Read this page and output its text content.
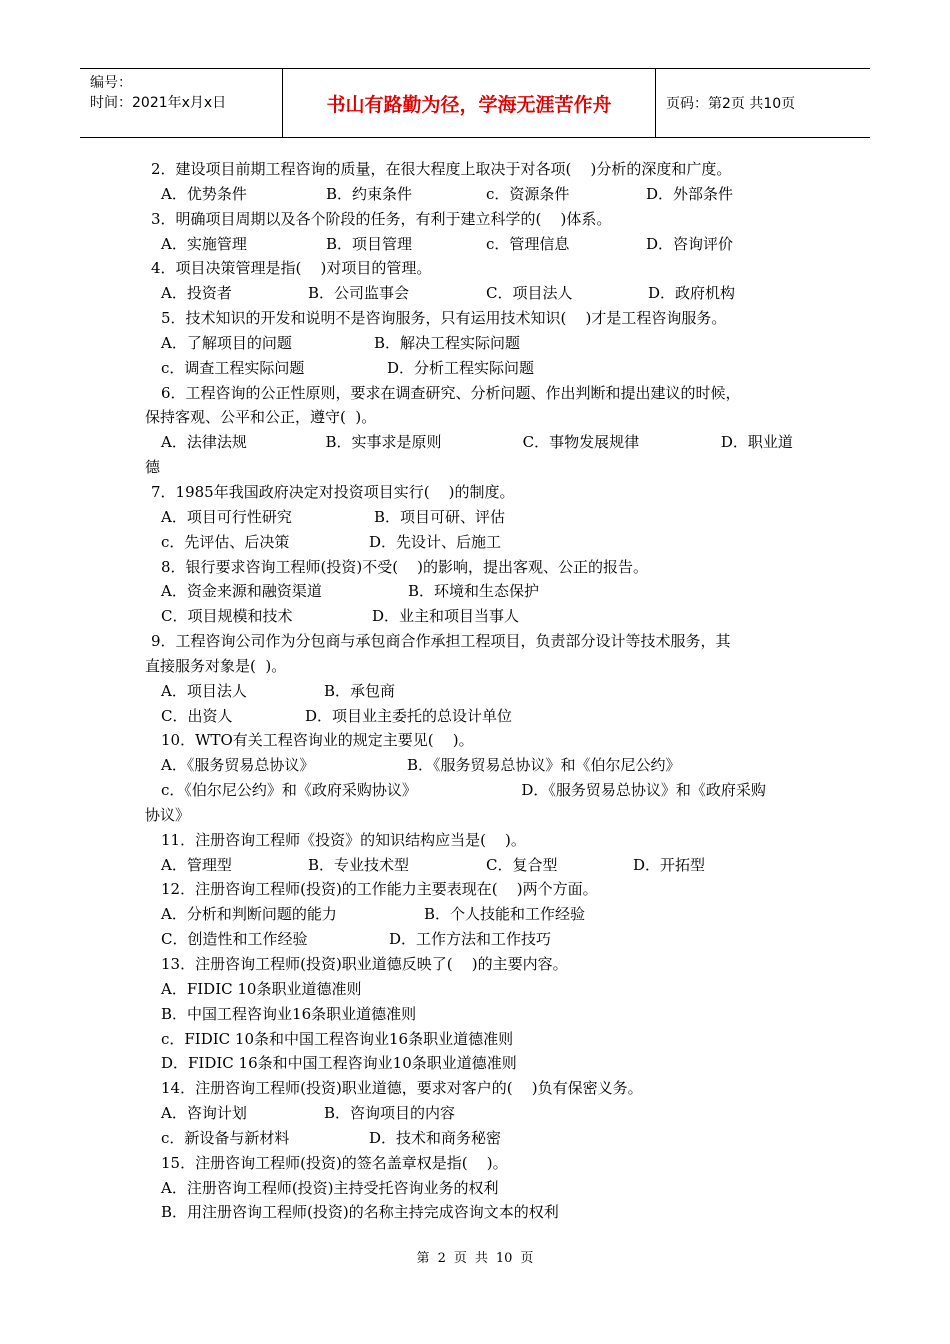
编号：
时间：2021年x月x日	书山有路勤为径，学海无涯苦作舟	页码：第2页 共10页
2．建设项目前期工程咨询的质量，在很大程度上取决于对各项(    )分析的深度和广度。
A．优势条件	B．约束条件	c．资源条件	D．外部条件
3．明确项目周期以及各个阶段的任务，有利于建立科学的(    )体系。
A．实施管理	B．项目管理	c．管理信息	D．咨询评价
4．项目决策管理是指(    )对项目的管理。
A．投资者	B．公司监事会	C．项目法人	D．政府机构
5．技术知识的开发和说明不是咨询服务，只有运用技术知识(    )才是工程咨询服务。
A．了解项目的问题	B．解决工程实际问题
c．调查工程实际问题	D．分析工程实际问题
6．工程咨询的公正性原则，要求在调查研究、分析问题、作出判断和提出建议的时候，
保持客观、公平和公正，遵守(  )。
A．法律法规	B．实事求是原则	C．事物发展规律	D．职业道
德
7．1985年我国政府决定对投资项目实行(    )的制度。
A．项目可行性研究	B．项目可研、评估
c．先评估、后决策	D．先设计、后施工
8．银行要求咨询工程师(投资)不受(    )的影响，提出客观、公正的报告。
A．资金来源和融资渠道	B．环境和生态保护
C．项目规模和技术	D．业主和项目当事人
9．工程咨询公司作为分包商与承包商合作承担工程项目，负责部分设计等技术服务，其
直接服务对象是(  )。
A．项目法人	B．承包商
C．出资人	D．项目业主委托的总设计单位
10．WTO有关工程咨询业的规定主要见(    )。
A．《服务贸易总协议》	B．《服务贸易总协议》和《伯尔尼公约》
c．《伯尔尼公约》和《政府采购协议》	D．《服务贸易总协议》和《政府采购
协议》
11．注册咨询工程师《投资》的知识结构应当是(    )。
A．管理型	B．专业技术型	C．复合型	D．开拓型
12．注册咨询工程师(投资)的工作能力主要表现在(    )两个方面。
A．分析和判断问题的能力	B．个人技能和工作经验
C．创造性和工作经验	D．工作方法和工作技巧
13．注册咨询工程师(投资)职业道德反映了(    )的主要内容。
A．FIDIC 10条职业道德准则
B．中国工程咨询业16条职业道德准则
c．FIDIC 10条和中国工程咨询业16条职业道德准则
D．FIDIC 16条和中国工程咨询业10条职业道德准则
14．注册咨询工程师(投资)职业道德，要求对客户的(    )负有保密义务。
A．咨询计划	B．咨询项目的内容
c．新设备与新材料	D．技术和商务秘密
15．注册咨询工程师(投资)的签名盖章权是指(    )。
A．注册咨询工程师(投资)主持受托咨询业务的权利
B．用注册咨询工程师(投资)的名称主持完成咨询文本的权利
第 2 页 共 10 页
